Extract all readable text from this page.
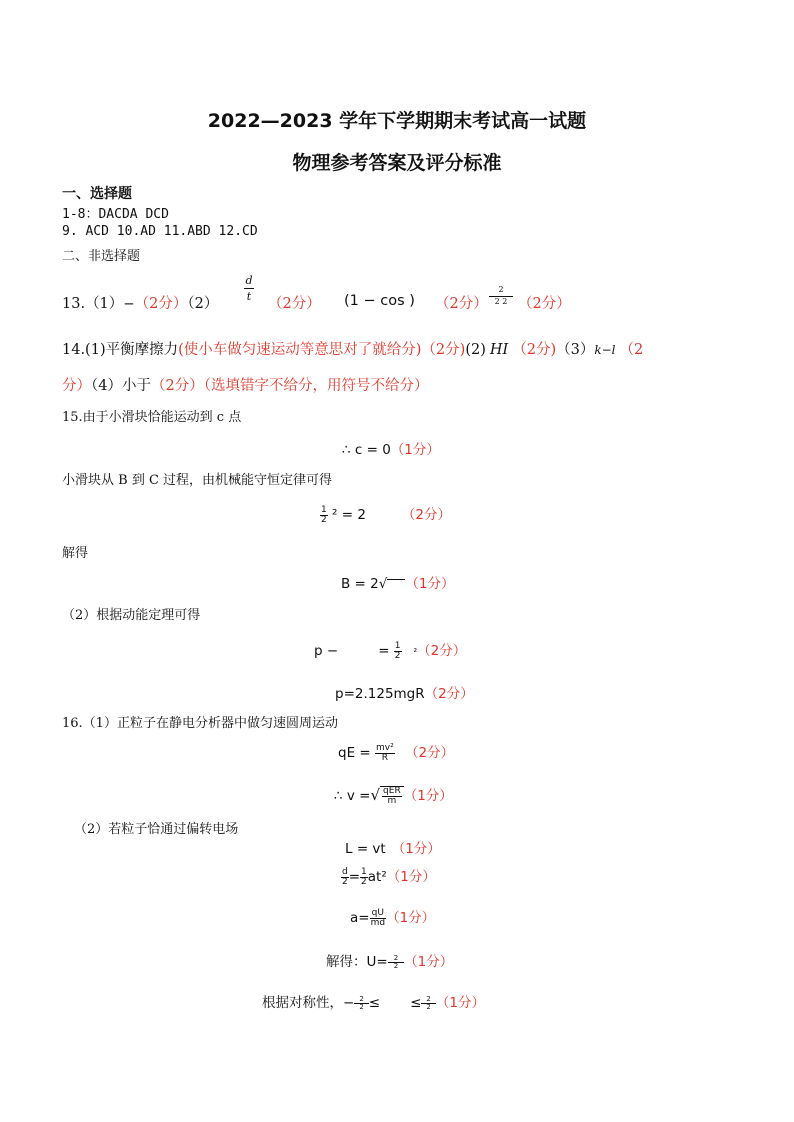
2022—2023 学年下学期期末考试高一试题
物理参考答案及评分标准
一、选择题
1-8：DACDA DCD
9. ACD 10.AD 11.ABD 12.CD
二、非选择题
13.（1）−（2分）（2）
d
t （2分） (1 − cos ) （2分）
2
2 2 （2分）
14.(1)平衡摩擦力(使小车做匀速运动等意思对了就给分)（2分)(2) HI （2分)（3）k−l （2
分）（4）小于（2分）（选填错字不给分，用符号不给分）
15.由于小滑块恰能运动到 c 点
∴ c = 0（1分）
小滑块从 B 到 C 过程，由机械能守恒定律可得
$\frac{1}{2} ^2 = 2$	（2分）
解得
B = 2√ （1分）
（2）根据动能定理可得
p −	= $\frac{1}{2} ^2(2$分）
p=2.125mgR（2分）
16.（1）正粒子在静电分析器中做匀速圆周运动
qE = $\frac{\text{mv²}}{R} (2$分）
∴ v =√ $\frac{\text{qER}}{m} (1$分）
（2）若粒子恰通过偏转电场
L = vt （1分）
$\frac{d}{2} = \frac{1}{2} at^2(1$分）
$a= \frac{qU}{md} (1$分）
解得：$U= \frac{2}{2} (1$分）
根据对称性，− $\frac{2}{2}$ ≤ ≤ $\frac{2}{2} (1$分）
